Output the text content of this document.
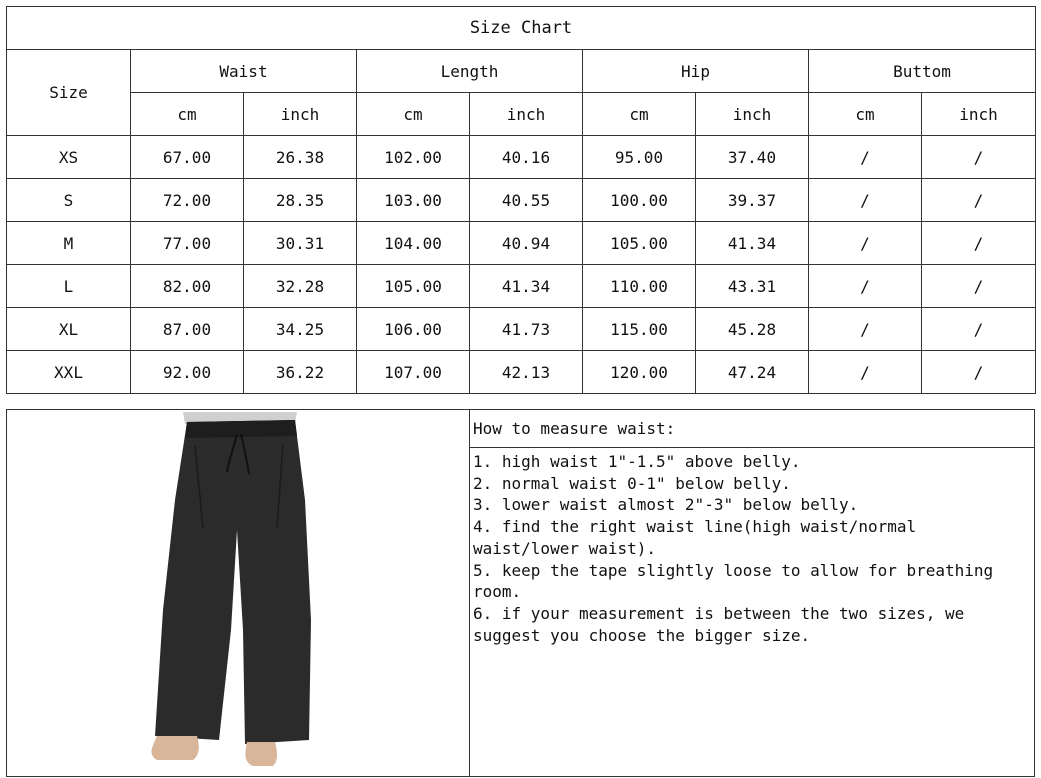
Size Chart								
Size	Waist		Length		Hip		Buttom	
	cm	inch	cm	inch	cm	inch	cm	inch
XS	67.00	26.38	102.00	40.16	95.00	37.40	/	/
S	72.00	28.35	103.00	40.55	100.00	39.37	/	/
M	77.00	30.31	104.00	40.94	105.00	41.34	/	/
L	82.00	32.28	105.00	41.34	110.00	43.31	/	/
XL	87.00	34.25	106.00	41.73	115.00	45.28	/	/
XXL	92.00	36.22	107.00	42.13	120.00	47.24	/	/
How to measure waist:
1. high waist 1"-1.5" above belly.
2. normal waist 0-1" below belly.
3. lower waist almost 2"-3" below belly.
4. find the right waist line(high waist/normal
waist/lower waist).
5. keep the tape slightly loose to allow for breathing
room.
6. if your measurement is between the two sizes, we
suggest you choose the bigger size.
